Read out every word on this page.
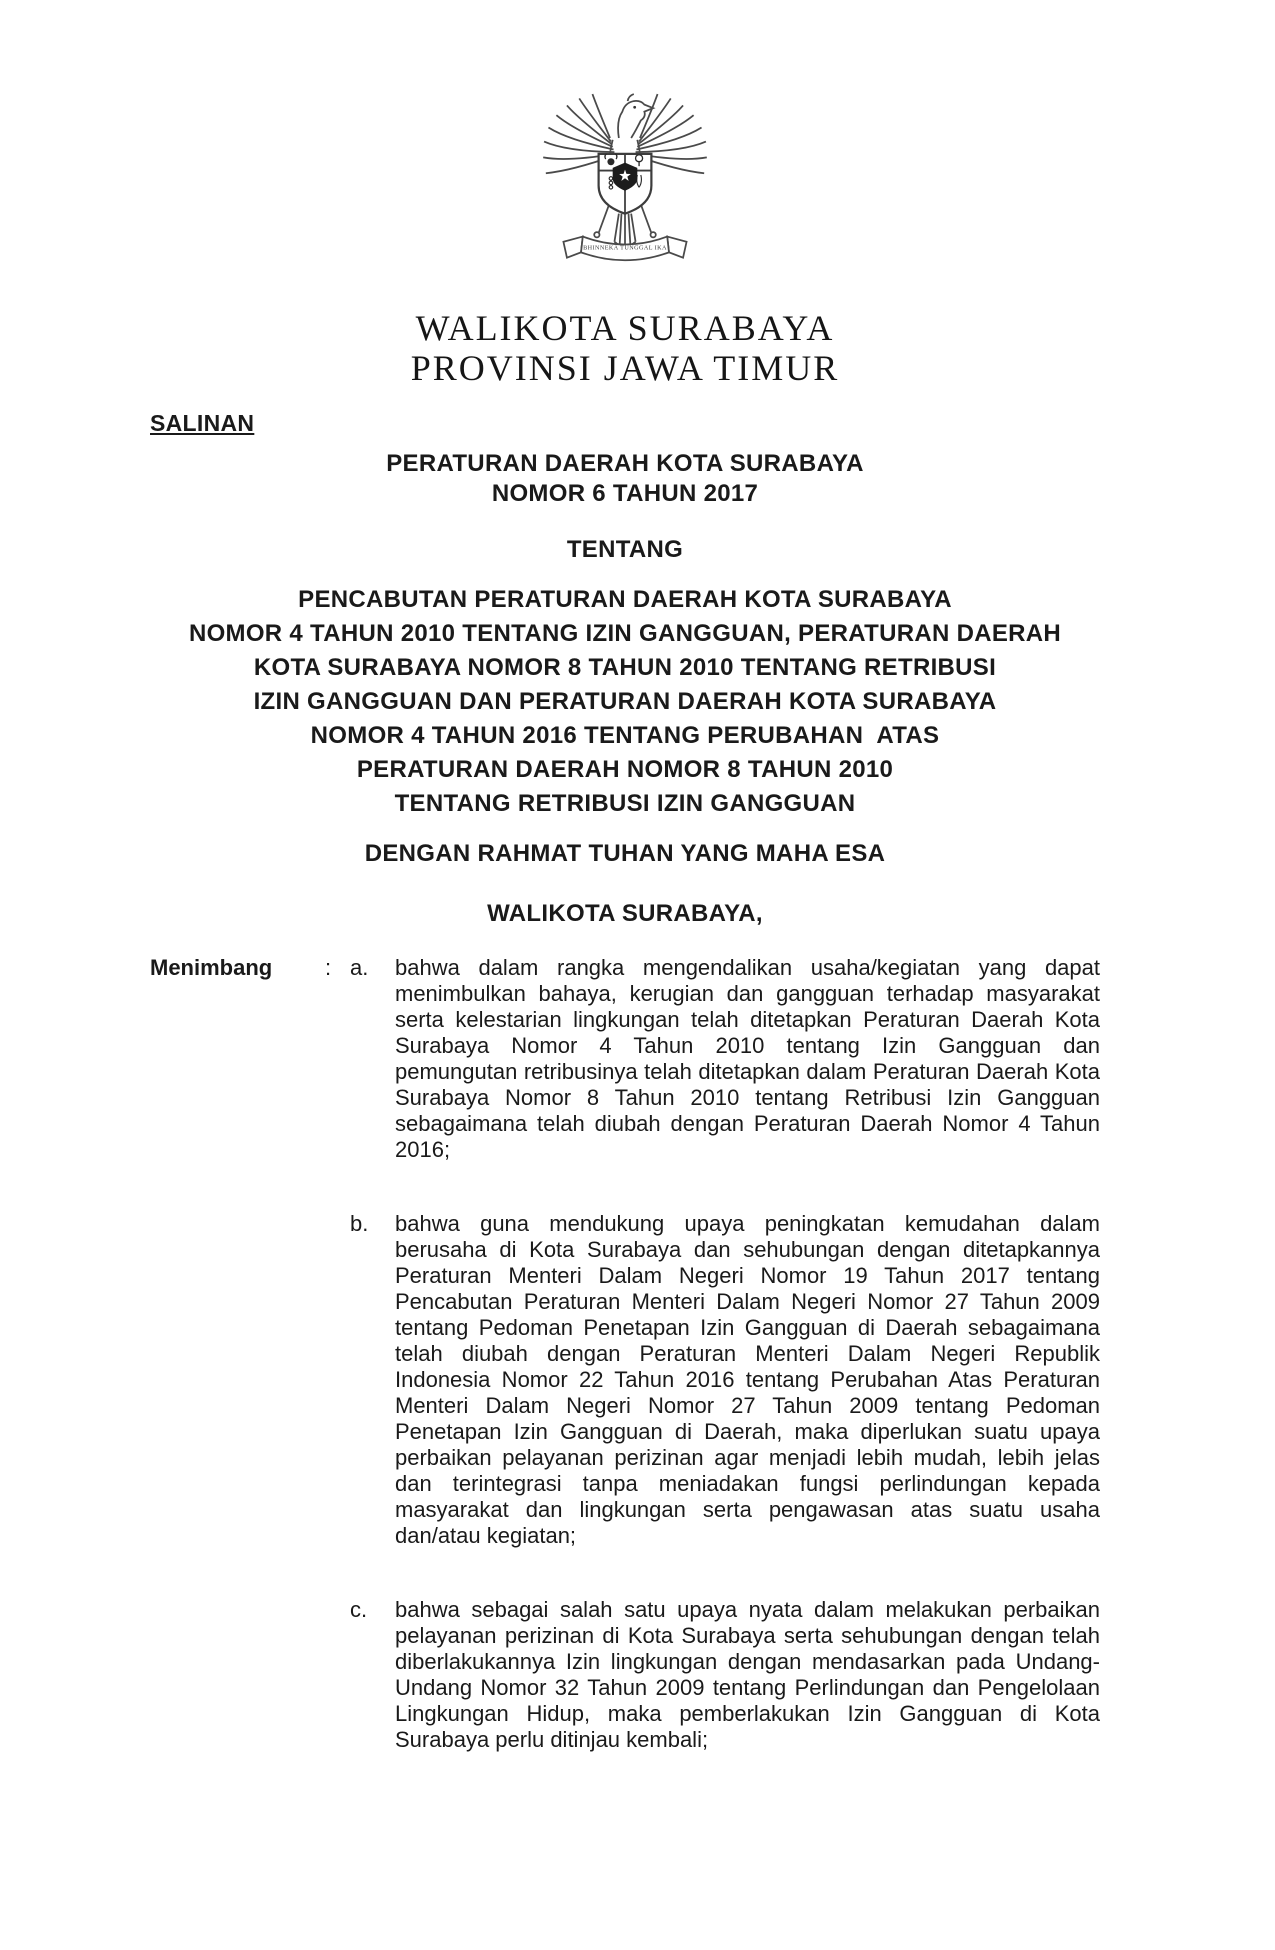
BHINNEKA TUNGGAL IKA
WALIKOTA SURABAYA
PROVINSI JAWA TIMUR
SALINAN
PERATURAN DAERAH KOTA SURABAYA
NOMOR 6 TAHUN 2017
TENTANG
PENCABUTAN PERATURAN DAERAH KOTA SURABAYA
NOMOR 4 TAHUN 2010 TENTANG IZIN GANGGUAN, PERATURAN DAERAH
KOTA SURABAYA NOMOR 8 TAHUN 2010 TENTANG RETRIBUSI
IZIN GANGGUAN DAN PERATURAN DAERAH KOTA SURABAYA
NOMOR 4 TAHUN 2016 TENTANG PERUBAHAN  ATAS
PERATURAN DAERAH NOMOR 8 TAHUN 2010
TENTANG RETRIBUSI IZIN GANGGUAN
DENGAN RAHMAT TUHAN YANG MAHA ESA
WALIKOTA SURABAYA,
Menimbang	: a.	bahwa dalam rangka mengendalikan usaha/kegiatan yang dapat menimbulkan bahaya, kerugian dan gangguan terhadap masyarakat serta kelestarian lingkungan telah ditetapkan Peraturan Daerah Kota Surabaya Nomor 4 Tahun 2010 tentang Izin Gangguan dan pemungutan retribusinya telah ditetapkan dalam Peraturan Daerah Kota Surabaya Nomor 8 Tahun 2010 tentang Retribusi Izin Gangguan sebagaimana telah diubah dengan Peraturan Daerah Nomor 4 Tahun 2016;
b.	bahwa guna mendukung upaya peningkatan kemudahan dalam berusaha di Kota Surabaya dan sehubungan dengan ditetapkannya Peraturan Menteri Dalam Negeri Nomor 19 Tahun 2017 tentang Pencabutan Peraturan Menteri Dalam Negeri Nomor 27 Tahun 2009 tentang Pedoman Penetapan Izin Gangguan di Daerah sebagaimana telah diubah dengan Peraturan Menteri Dalam Negeri Republik Indonesia Nomor 22 Tahun 2016 tentang Perubahan Atas Peraturan Menteri Dalam Negeri Nomor 27 Tahun 2009 tentang Pedoman Penetapan Izin Gangguan di Daerah, maka diperlukan suatu upaya perbaikan pelayanan perizinan agar menjadi lebih mudah, lebih jelas dan terintegrasi tanpa meniadakan fungsi perlindungan kepada masyarakat dan lingkungan serta pengawasan atas suatu usaha dan/atau kegiatan;
c.	bahwa sebagai salah satu upaya nyata dalam melakukan perbaikan pelayanan perizinan di Kota Surabaya serta sehubungan dengan telah diberlakukannya Izin lingkungan dengan mendasarkan pada Undang-Undang Nomor 32 Tahun 2009 tentang Perlindungan dan Pengelolaan Lingkungan Hidup, maka pemberlakukan Izin Gangguan di Kota Surabaya perlu ditinjau kembali;
